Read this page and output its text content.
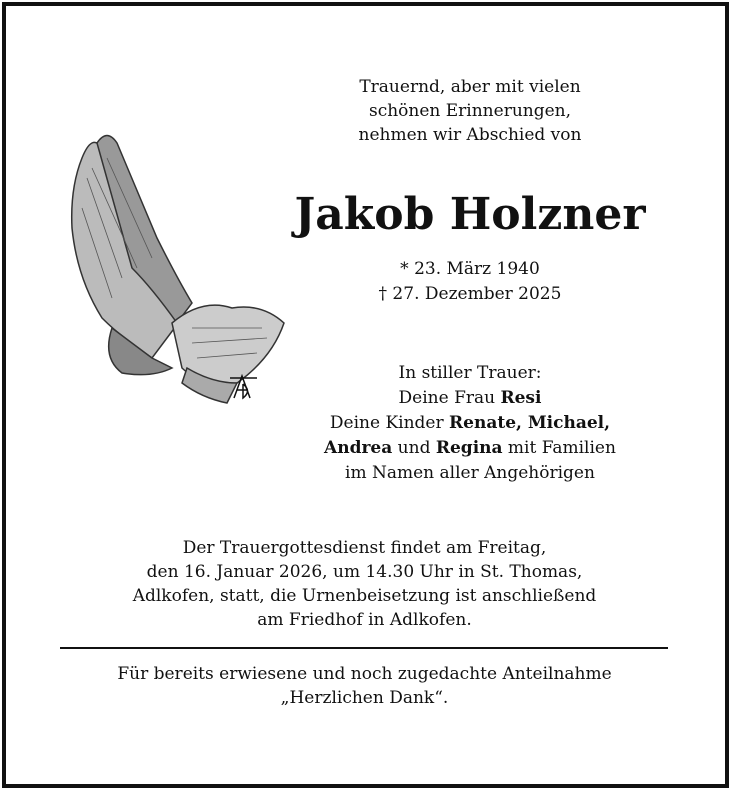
Trauernd, aber mit vielen
schönen Erinnerungen,
nehmen wir Abschied von
Jakob Holzner
* 23. März 1940
† 27. Dezember 2025
In stiller Trauer:
Deine Frau Resi
Deine Kinder Renate, Michael,
Andrea und Regina mit Familien
im Namen aller Angehörigen
Der Trauergottesdienst findet am Freitag,
den 16. Januar 2026, um 14.30 Uhr in St. Thomas,
Adlkofen, statt, die Urnenbeisetzung ist anschließend
am Friedhof in Adlkofen.
Für bereits erwiesene und noch zugedachte Anteilnahme
„Herzlichen Dank“.
